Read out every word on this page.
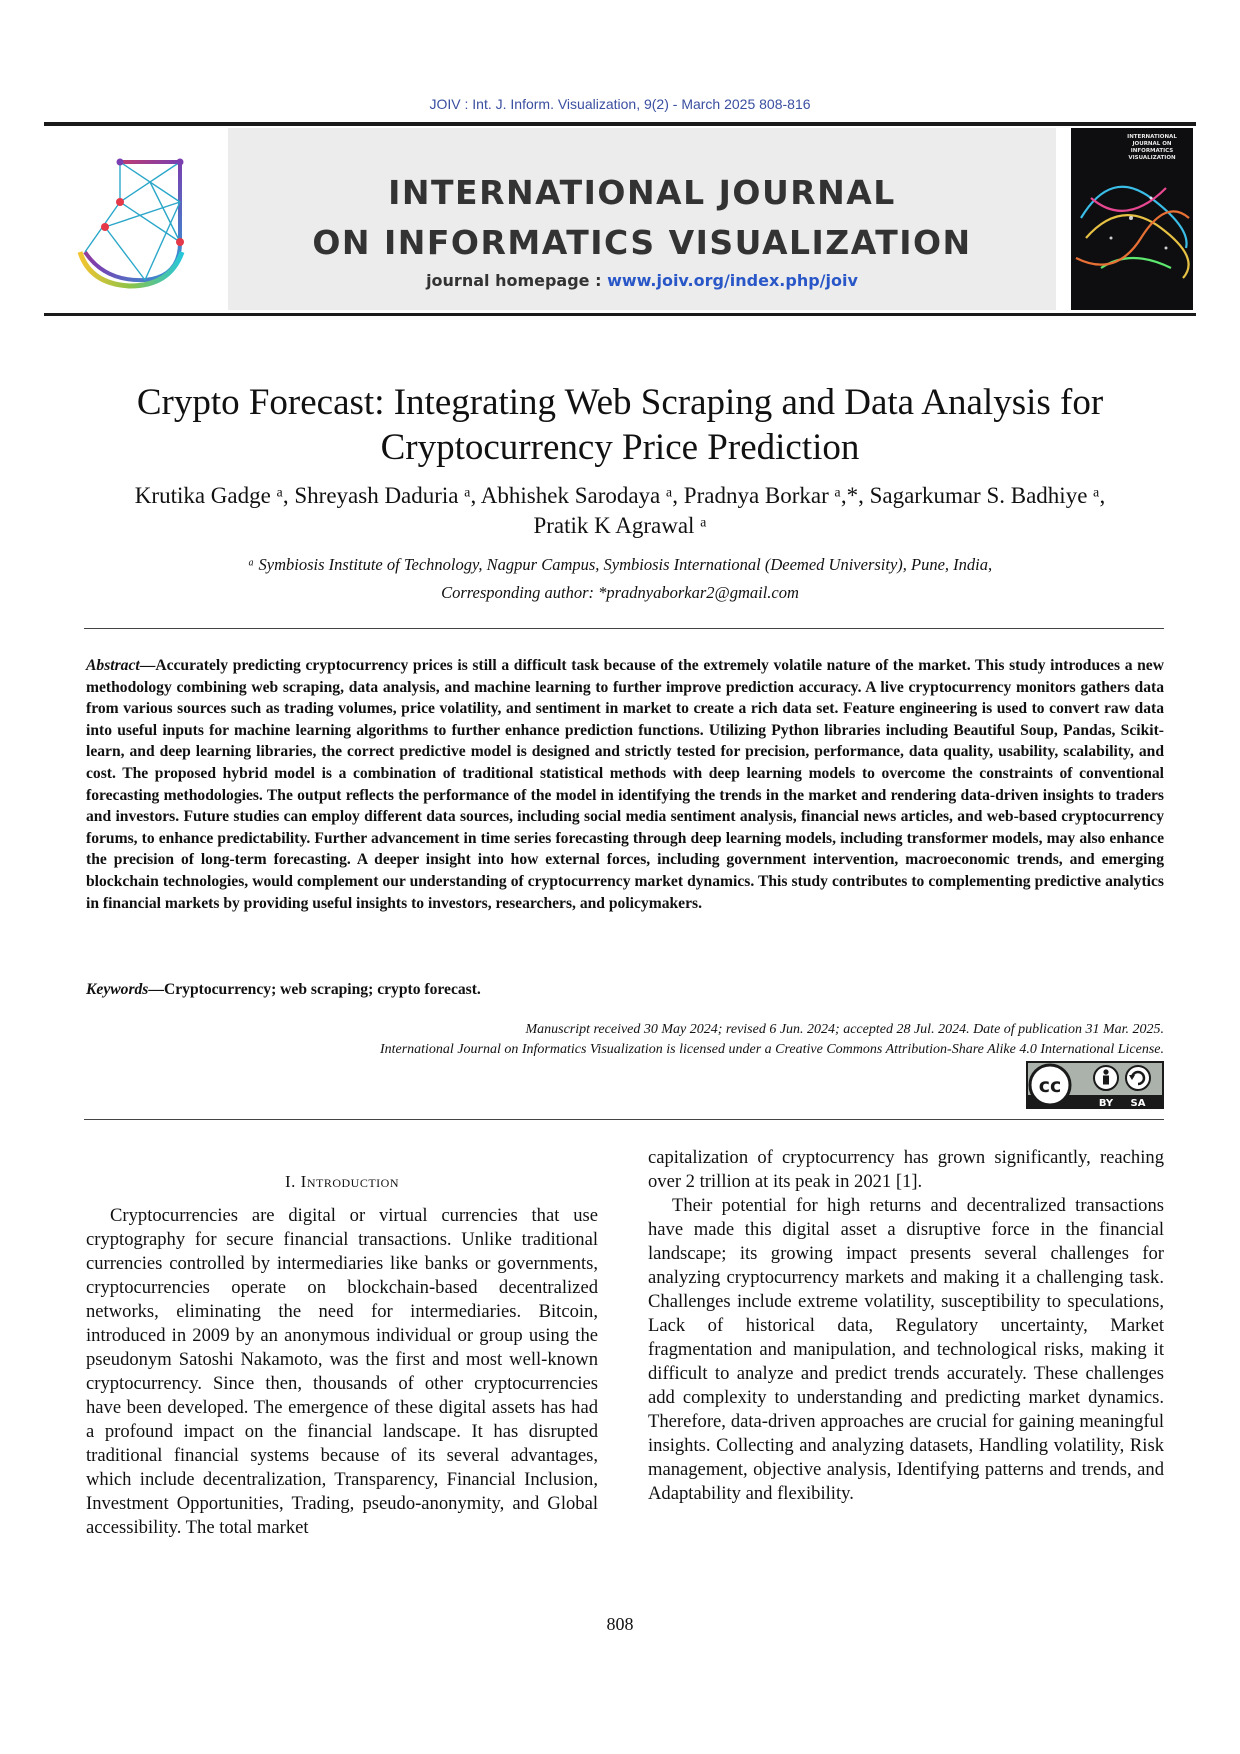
JOIV : Int. J. Inform. Visualization, 9(2) - March 2025 808-816
INTERNATIONAL JOURNAL
ON INFORMATICS VISUALIZATION
journal homepage : www.joiv.org/index.php/joiv
INTERNATIONAL JOURNAL ON INFORMATICS VISUALIZATION
Crypto Forecast: Integrating Web Scraping and Data Analysis for
Cryptocurrency Price Prediction
Krutika Gadge ᵃ, Shreyash Daduria ᵃ, Abhishek Sarodaya ᵃ, Pradnya Borkar ᵃ,*, Sagarkumar S. Badhiye ᵃ,
Pratik K Agrawal ᵃ
ᵃ Symbiosis Institute of Technology, Nagpur Campus, Symbiosis International (Deemed University), Pune, India,
Corresponding author: *pradnyaborkar2@gmail.com
Abstract—Accurately predicting cryptocurrency prices is still a difficult task because of the extremely volatile nature of the market. This study introduces a new methodology combining web scraping, data analysis, and machine learning to further improve prediction accuracy. A live cryptocurrency monitors gathers data from various sources such as trading volumes, price volatility, and sentiment in market to create a rich data set. Feature engineering is used to convert raw data into useful inputs for machine learning algorithms to further enhance prediction functions. Utilizing Python libraries including Beautiful Soup, Pandas, Scikit-learn, and deep learning libraries, the correct predictive model is designed and strictly tested for precision, performance, data quality, usability, scalability, and cost. The proposed hybrid model is a combination of traditional statistical methods with deep learning models to overcome the constraints of conventional forecasting methodologies. The output reflects the performance of the model in identifying the trends in the market and rendering data-driven insights to traders and investors. Future studies can employ different data sources, including social media sentiment analysis, financial news articles, and web-based cryptocurrency forums, to enhance predictability. Further advancement in time series forecasting through deep learning models, including transformer models, may also enhance the precision of long-term forecasting. A deeper insight into how external forces, including government intervention, macroeconomic trends, and emerging blockchain technologies, would complement our understanding of cryptocurrency market dynamics. This study contributes to complementing predictive analytics in financial markets by providing useful insights to investors, researchers, and policymakers.
Keywords—Cryptocurrency; web scraping; crypto forecast.
Manuscript received 30 May 2024; revised 6 Jun. 2024; accepted 28 Jul. 2024. Date of publication 31 Mar. 2025.
International Journal on Informatics Visualization is licensed under a Creative Commons Attribution-Share Alike 4.0 International License.
cc
BY SA
I. Introduction

Cryptocurrencies are digital or virtual currencies that use cryptography for secure financial transactions. Unlike traditional currencies controlled by intermediaries like banks or governments, cryptocurrencies operate on blockchain-based decentralized networks, eliminating the need for intermediaries. Bitcoin, introduced in 2009 by an anonymous individual or group using the pseudonym Satoshi Nakamoto, was the first and most well-known cryptocurrency. Since then, thousands of other cryptocurrencies have been developed. The emergence of these digital assets has had a profound impact on the financial landscape. It has disrupted traditional financial systems because of its several advantages, which include decentralization, Transparency, Financial Inclusion, Investment Opportunities, Trading, pseudo-anonymity, and Global accessibility. The total market

capitalization of cryptocurrency has grown significantly, reaching over 2 trillion at its peak in 2021 [1].

Their potential for high returns and decentralized transactions have made this digital asset a disruptive force in the financial landscape; its growing impact presents several challenges for analyzing cryptocurrency markets and making it a challenging task. Challenges include extreme volatility, susceptibility to speculations, Lack of historical data, Regulatory uncertainty, Market fragmentation and manipulation, and technological risks, making it difficult to analyze and predict trends accurately. These challenges add complexity to understanding and predicting market dynamics. Therefore, data-driven approaches are crucial for gaining meaningful insights. Collecting and analyzing datasets, Handling volatility, Risk management, objective analysis, Identifying patterns and trends, and Adaptability and flexibility.

808
